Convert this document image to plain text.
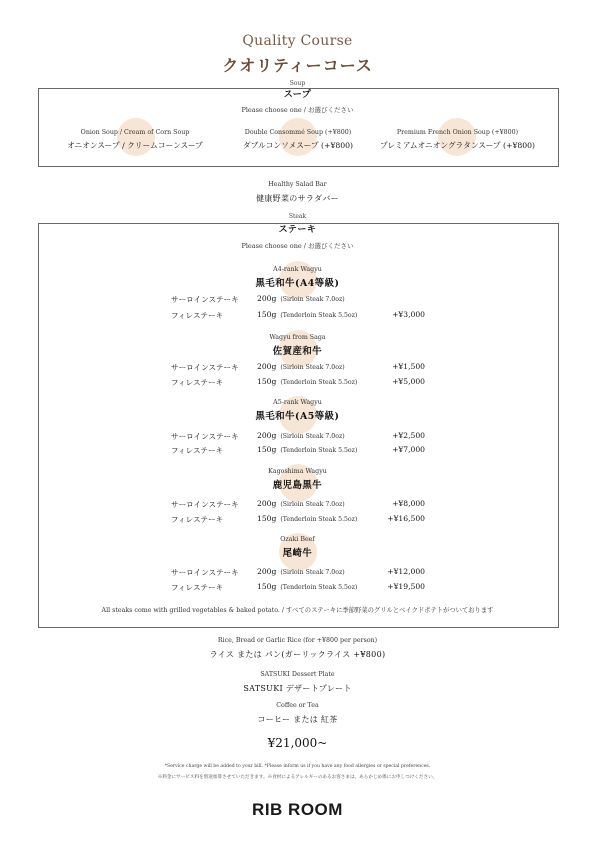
Quality Course
クオリティーコース
Soup
スープ
Please choose one / お選びください
Onion Soup / Cream of Corn Soup
オニオンスープ / クリームコーンスープ
Double Consommé Soup (+¥800)
ダブルコンソメスープ (+¥800)
Premium French Onion Soup (+¥800)
プレミアムオニオングラタンスープ (+¥800)
Healthy Salad Bar
健康野菜のサラダバー
Steak
ステーキ
Please choose one / お選びください
A4-rank Wagyu
黒毛和牛(A4等級)
サーロインステーキ 200g (Sirloin Steak 7.0oz)
フィレステーキ	150g (Tenderloin Steak 5.5oz)	+¥3,000
Wagyu from Saga
佐賀産和牛
サーロインステーキ 200g (Sirloin Steak 7.0oz)	+¥1,500
フィレステーキ	150g (Tenderloin Steak 5.5oz)	+¥5,000
A5-rank Wagyu
黒毛和牛(A5等級)
サーロインステーキ 200g (Sirloin Steak 7.0oz)	+¥2,500
フィレステーキ	150g (Tenderloin Steak 5.5oz)	+¥7,000
Kagoshima Wagyu
鹿児島黒牛
サーロインステーキ 200g (Sirloin Steak 7.0oz)	+¥8,000
フィレステーキ	150g (Tenderloin Steak 5.5oz)	+¥16,500
Ozaki Beef
尾崎牛
サーロインステーキ 200g (Sirloin Steak 7.0oz)	+¥12,000
フィレステーキ	150g (Tenderloin Steak 5.5oz)	+¥19,500
All steaks come with grilled vegetables & baked potato. / すべてのステーキに季節野菜のグリルとベイクドポテトがついております
Rice, Bread or Garlic Rice (for +¥800 per person)
ライス または パン(ガーリックライス +¥800)
SATSUKI Dessert Plate
SATSUKI デザートプレート
Coffee or Tea
コーヒー または 紅茶
¥21,000~
*Service charge will be added to your bill. *Please inform us if you have any food allergies or special preferences.
※料金にサービス料を別途加算させていただきます。※食材によるアレルギーのあるお客さまは、あらかじめ係にお申しつけください。
RIB ROOM
